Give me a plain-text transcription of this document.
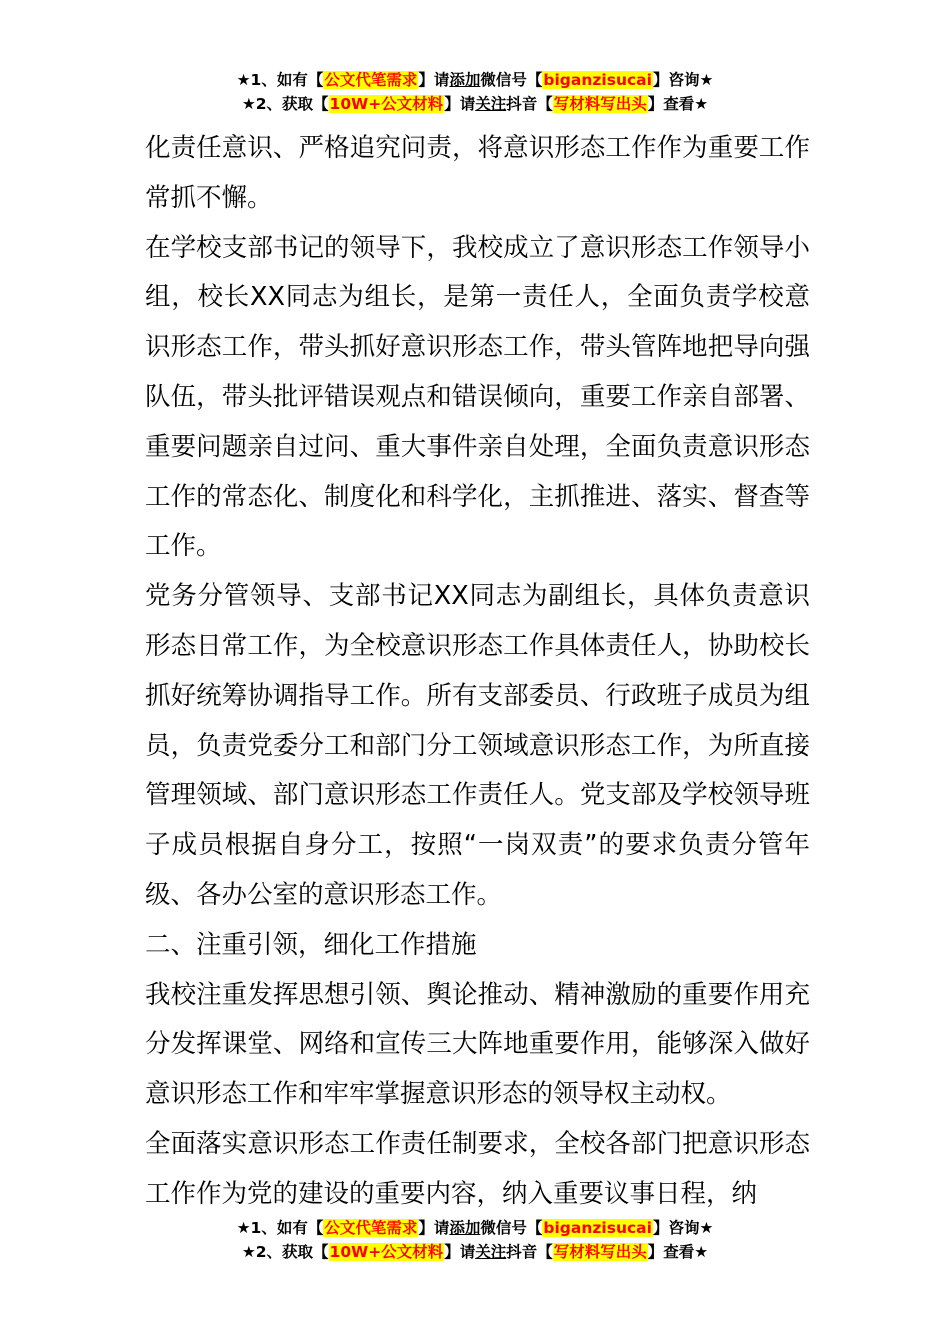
★1、如有【公文代笔需求】请添加微信号【biganzisucai】咨询★
★2、获取【10W+公文材料】请关注抖音【写材料写出头】查看★

化责任意识、严格追究问责，将意识形态工作作为重要工作常抓不懈。

在学校支部书记的领导下，我校成立了意识形态工作领导小组，校长XX同志为组长，是第一责任人，全面负责学校意识形态工作，带头抓好意识形态工作，带头管阵地把导向强队伍，带头批评错误观点和错误倾向，重要工作亲自部署、重要问题亲自过问、重大事件亲自处理，全面负责意识形态工作的常态化、制度化和科学化，主抓推进、落实、督查等工作。

党务分管领导、支部书记XX同志为副组长，具体负责意识形态日常工作，为全校意识形态工作具体责任人，协助校长抓好统筹协调指导工作。所有支部委员、行政班子成员为组员，负责党委分工和部门分工领域意识形态工作，为所直接管理领域、部门意识形态工作责任人。党支部及学校领导班子成员根据自身分工，按照“一岗双责”的要求负责分管年级、各办公室的意识形态工作。

二、注重引领，细化工作措施

我校注重发挥思想引领、舆论推动、精神激励的重要作用充分发挥课堂、网络和宣传三大阵地重要作用，能够深入做好意识形态工作和牢牢掌握意识形态的领导权主动权。

全面落实意识形态工作责任制要求，全校各部门把意识形态工作作为党的建设的重要内容，纳入重要议事日程，纳

★1、如有【公文代笔需求】请添加微信号【biganzisucai】咨询★
★2、获取【10W+公文材料】请关注抖音【写材料写出头】查看★
